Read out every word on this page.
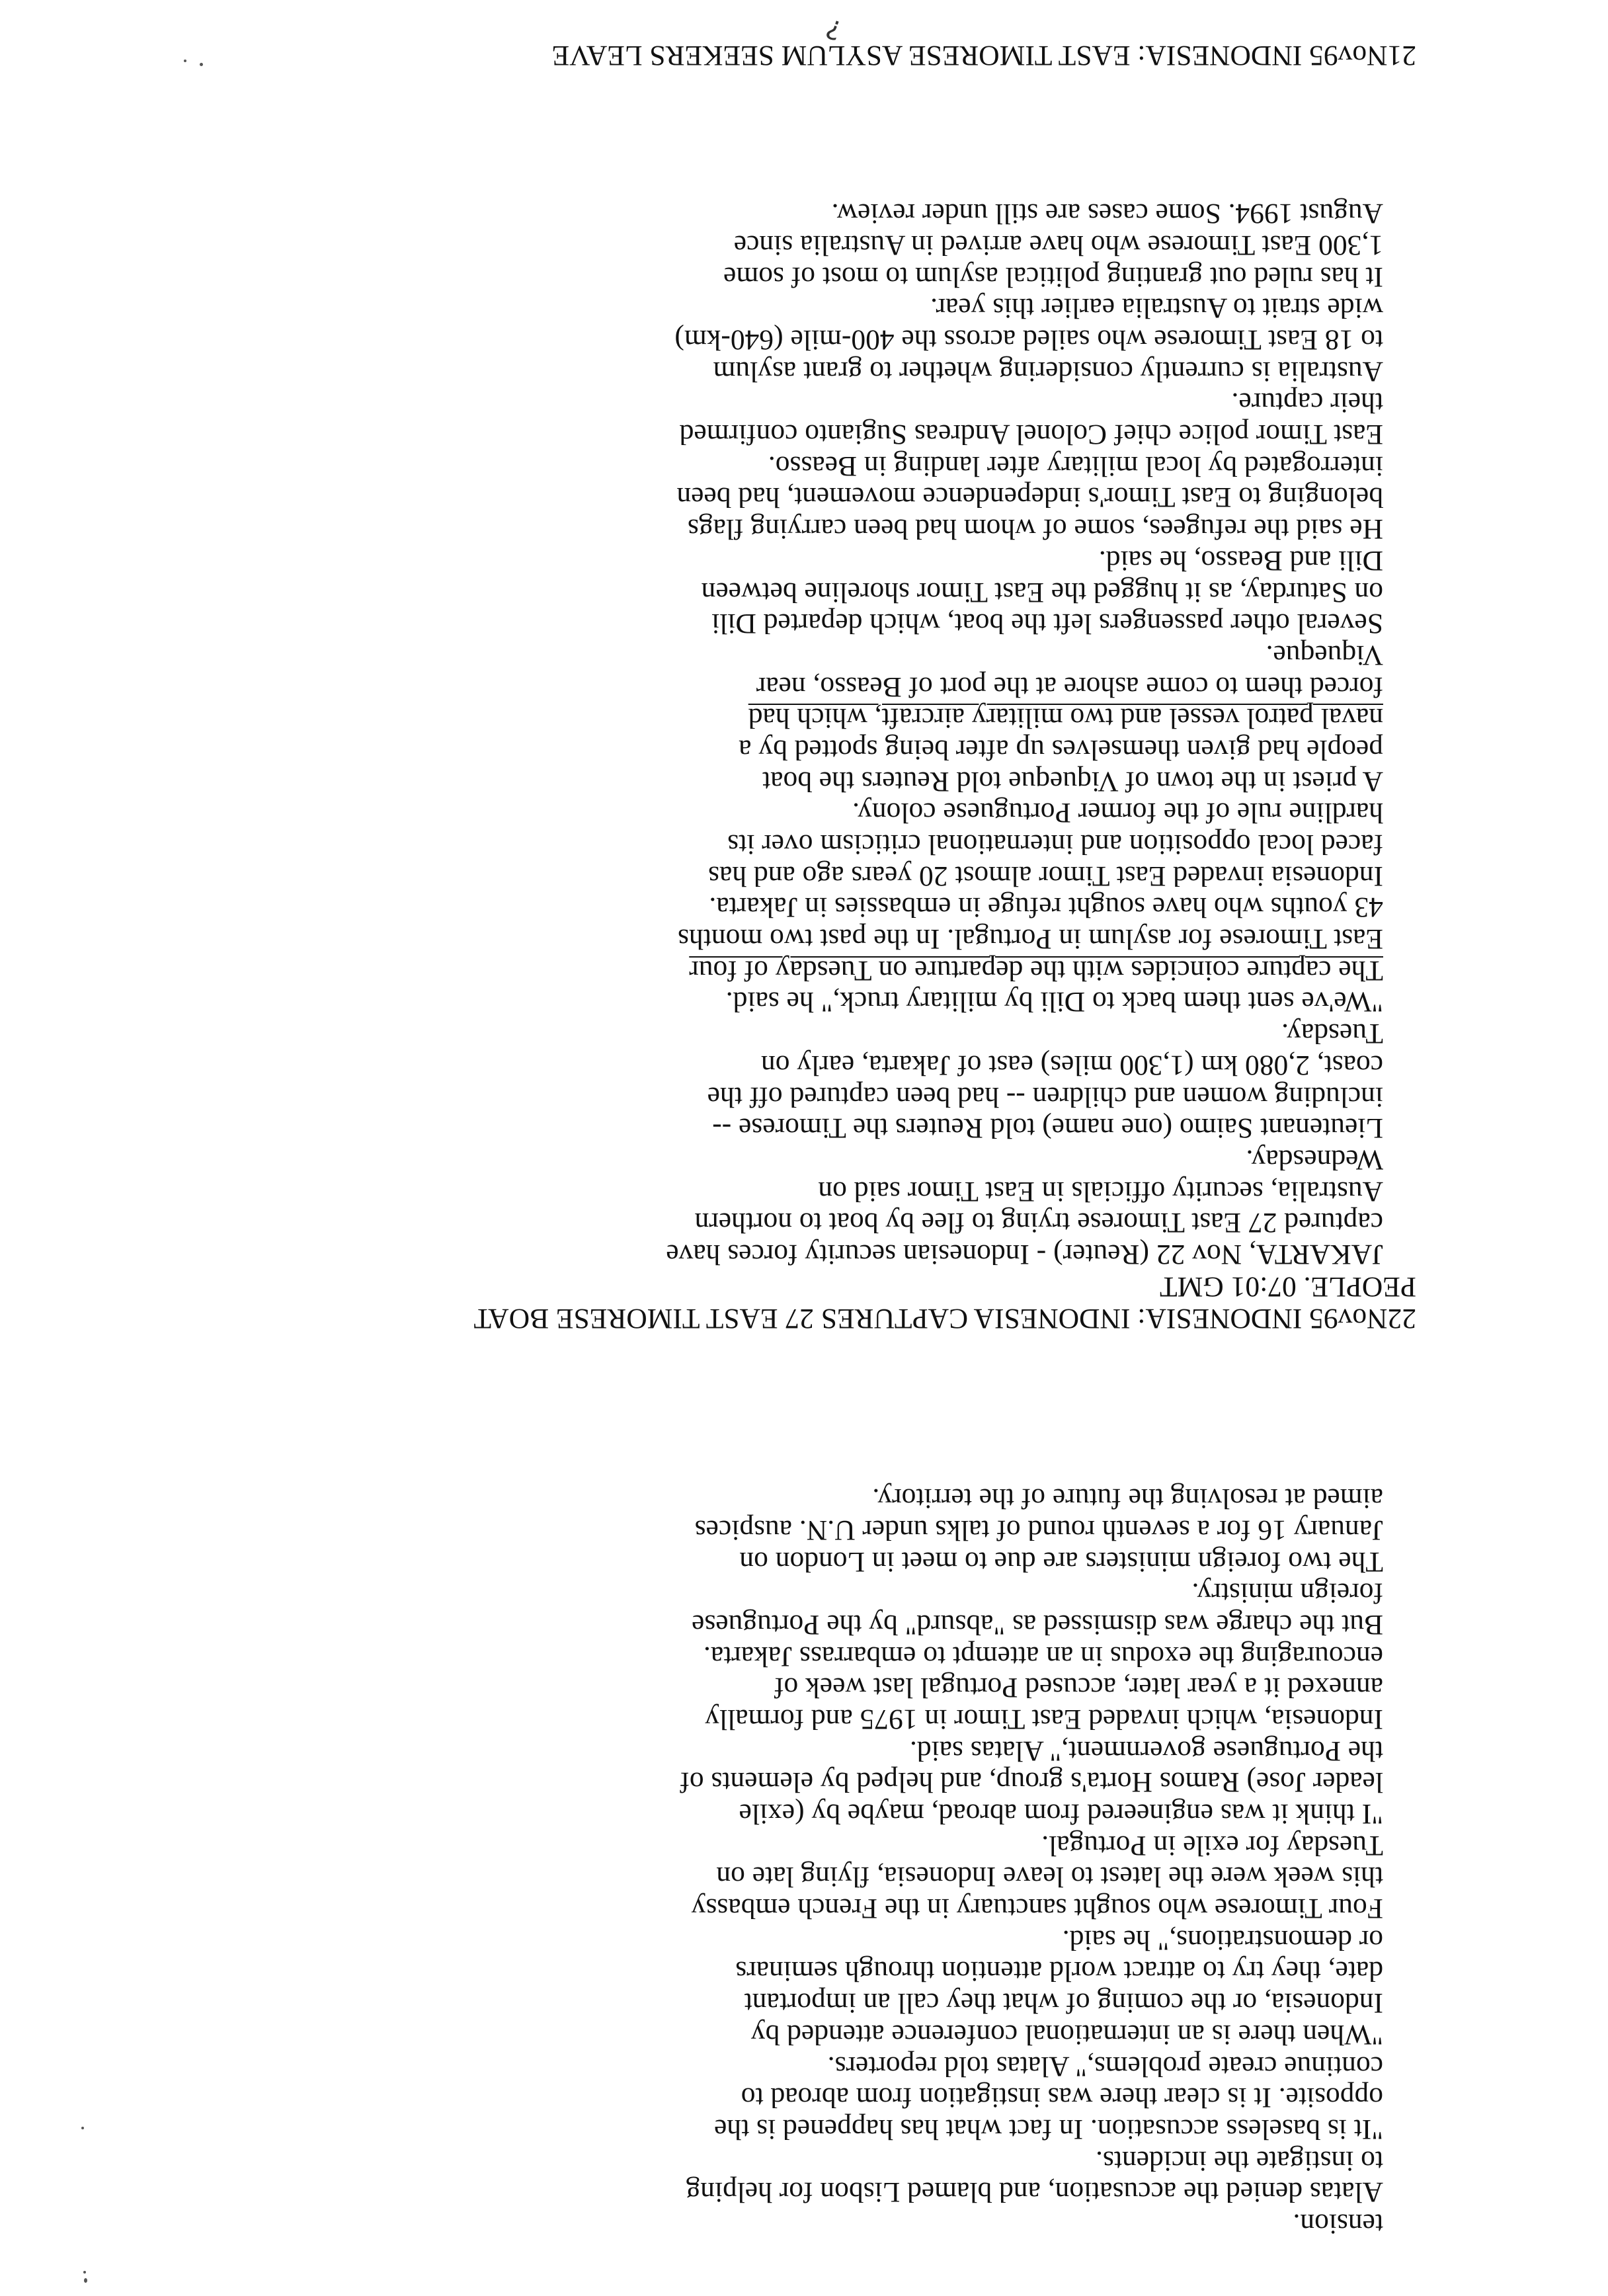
tension.
Alatas denied the accusation, and blamed Lisbon for helping
to instigate the incidents.
"It is baseless accusation. In fact what has happened is the
opposite. It is clear there was instigation from abroad to
continue create problems," Alatas told reporters.
"When there is an international conference attended by
Indonesia, or the coming of what they call an important
date, they try to attract world attention through seminars
or demonstrations," he said.
Four Timorese who sought sanctuary in the French embassy
this week were the latest to leave Indonesia, flying late on
Tuesday for exile in Portugal.
"I think it was engineered from abroad, maybe by (exile
leader Jose) Ramos Horta's group, and helped by elements of
the Portuguese government," Alatas said.
Indonesia, which invaded East Timor in 1975 and formally
annexed it a year later, accused Portugal last week of
encouraging the exodus in an attempt to embarrass Jakarta.
But the charge was dismissed as "absurd" by the Portuguese
foreign ministry.
The two foreign ministers are due to meet in London on
January 16 for a seventh round of talks under U.N. auspices
aimed at resolving the future of the territory.
22Nov95 INDONESIA: INDONESIA CAPTURES 27 EAST TIMORESE BOAT
PEOPLE. 07:01 GMT
JAKARTA, Nov 22 (Reuter) - Indonesian security forces have
captured 27 East Timorese trying to flee by boat to northern
Australia, security officials in East Timor said on
Wednesday.
Lieutenant Saimo (one name) told Reuters the Timorese --
including women and children -- had been captured off the
coast, 2,080 km (1,300 miles) east of Jakarta, early on
Tuesday.
"We've sent them back to Dili by military truck," he said.
The capture coincides with the departure on Tuesday of four
East Timorese for asylum in Portugal. In the past two months
43 youths who have sought refuge in embassies in Jakarta.
Indonesia invaded East Timor almost 20 years ago and has
faced local opposition and international criticism over its
hardline rule of the former Portuguese colony.
A priest in the town of Viqueque told Reuters the boat
people had given themselves up after being spotted by a
naval patrol vessel and two military aircraft, which had
forced them to come ashore at the port of Beasso, near
Viqueque.
Several other passengers left the boat, which departed Dili
on Saturday, as it hugged the East Timor shoreline between
Dili and Beasso, he said.
He said the refugees, some of whom had been carrying flags
belonging to East Timor's independence movement, had been
interrogated by local military after landing in Beasso.
East Timor police chief Colonel Andreas Sugianto confirmed
their capture.
Australia is currently considering whether to grant asylum
to 18 East Timorese who sailed across the 400-mile (640-km)
wide strait to Australia earlier this year.
It has ruled out granting political asylum to most of some
1,300 East Timorese who have arrived in Australia since
August 1994. Some cases are still under review.
21Nov95 INDONESIA: EAST TIMORESE ASYLUM SEEKERS LEAVE
?
